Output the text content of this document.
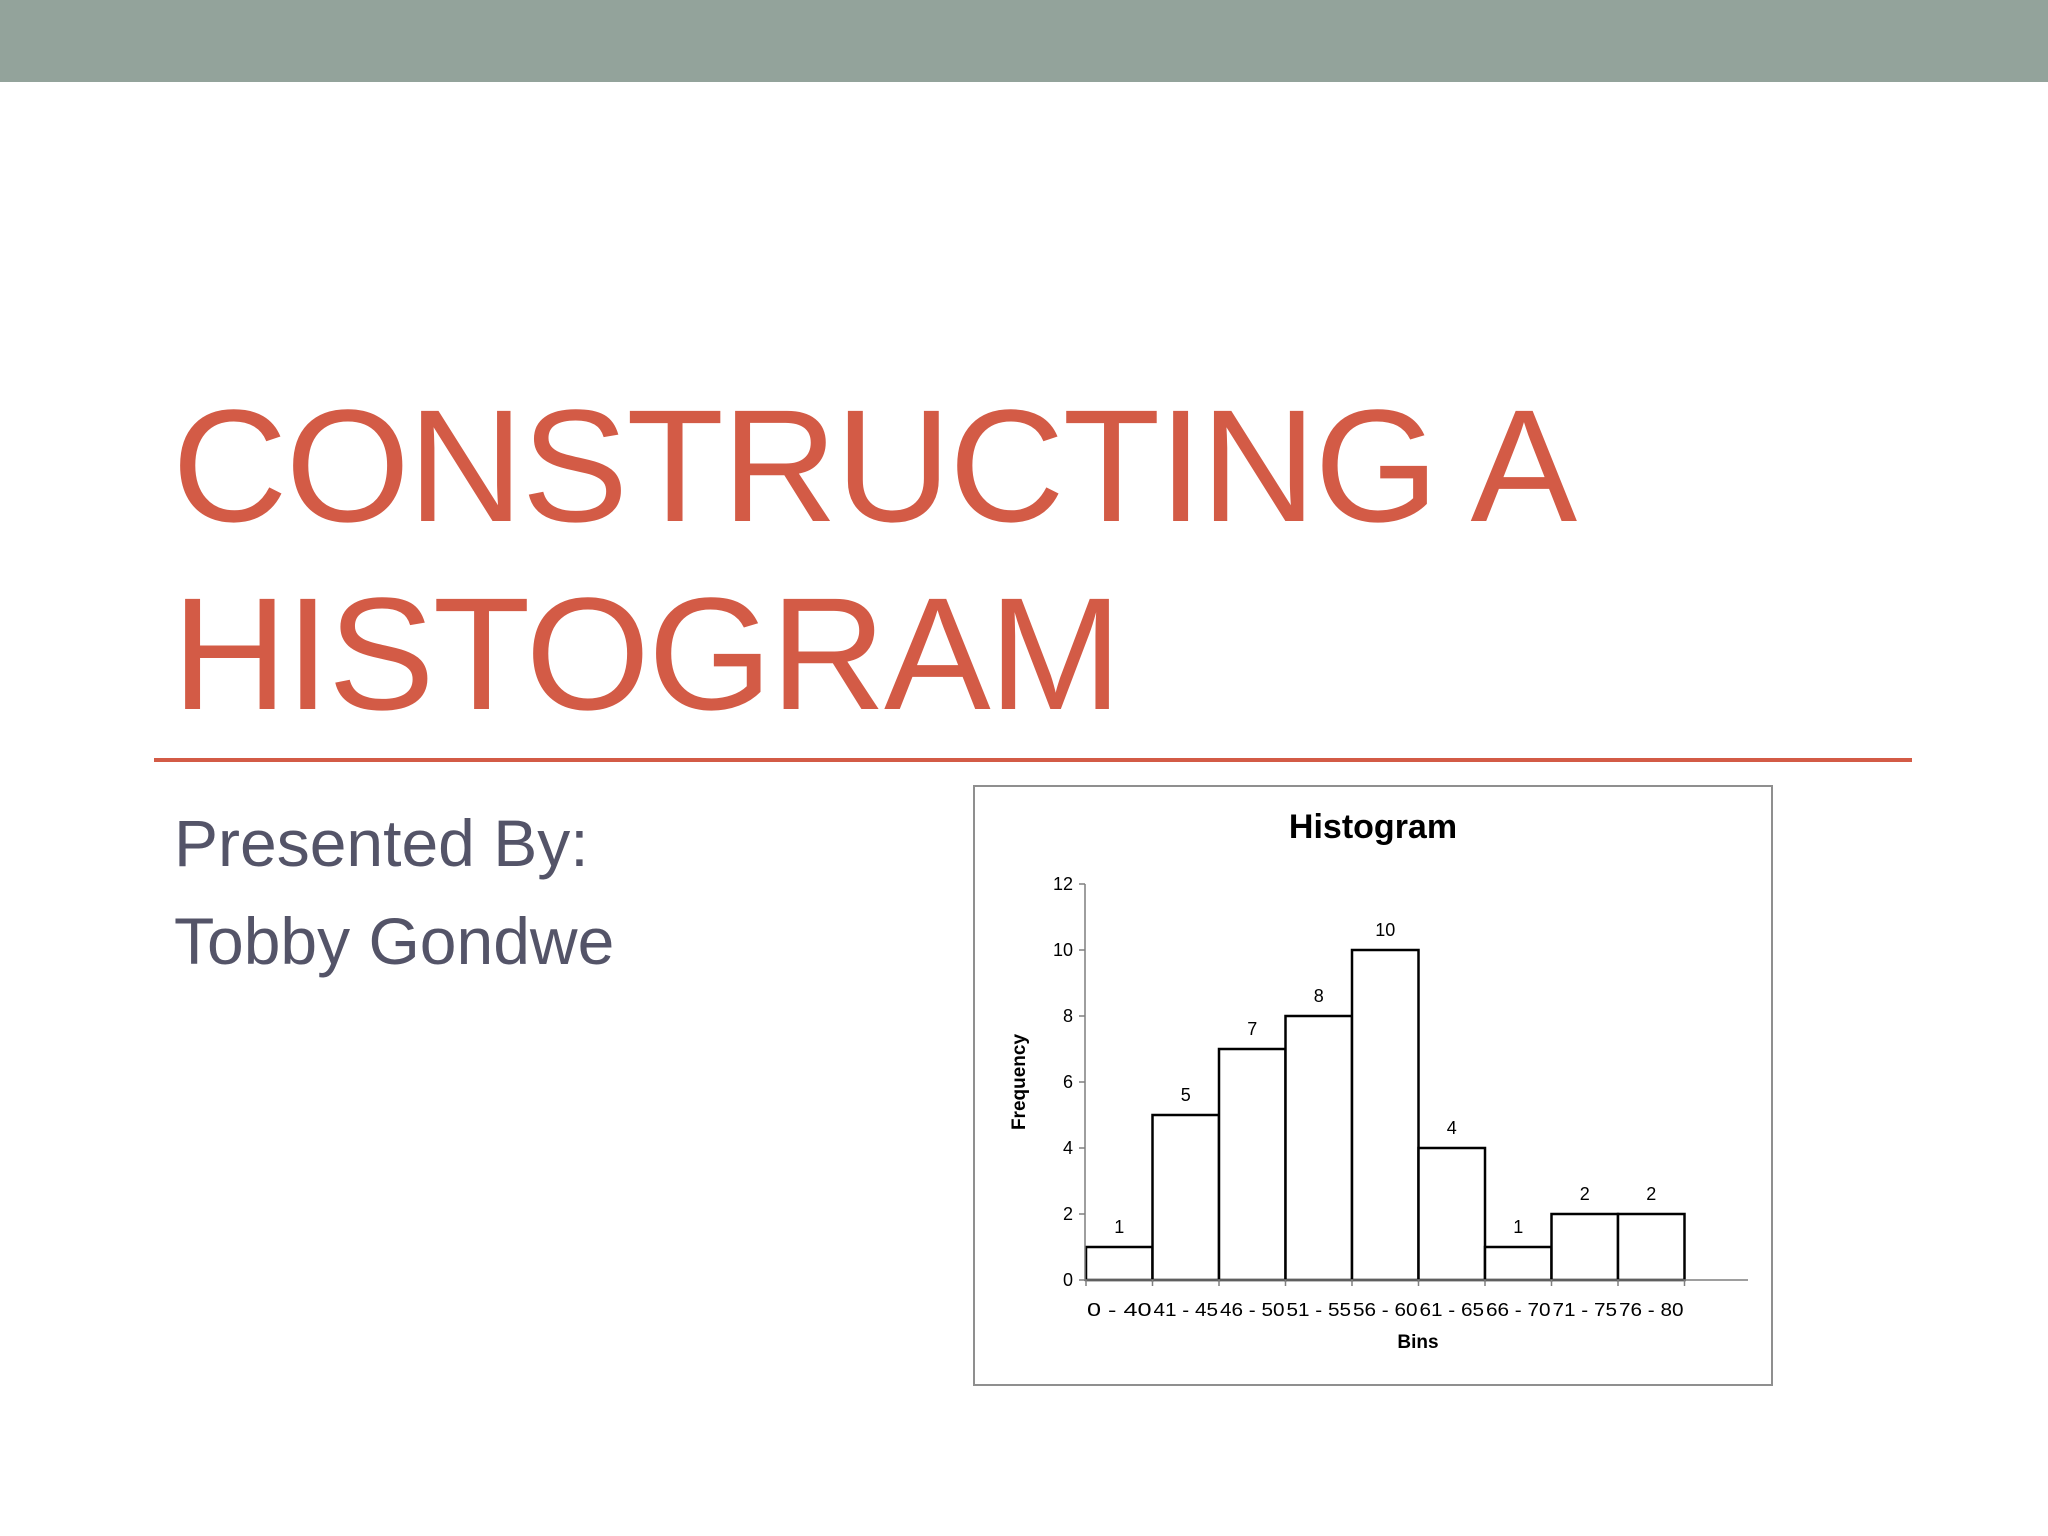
CONSTRUCTING A
HISTOGRAM
Presented By:
Tobby Gondwe
Histogram
0
2
4
6
8
10
12
1
5
7
8
10
4
1
2	2
0 - 40 41 - 45 46 - 50 51 - 55 56 - 60 61 - 65 66 - 70 71 - 75 76 - 80
Bins
Frequency
